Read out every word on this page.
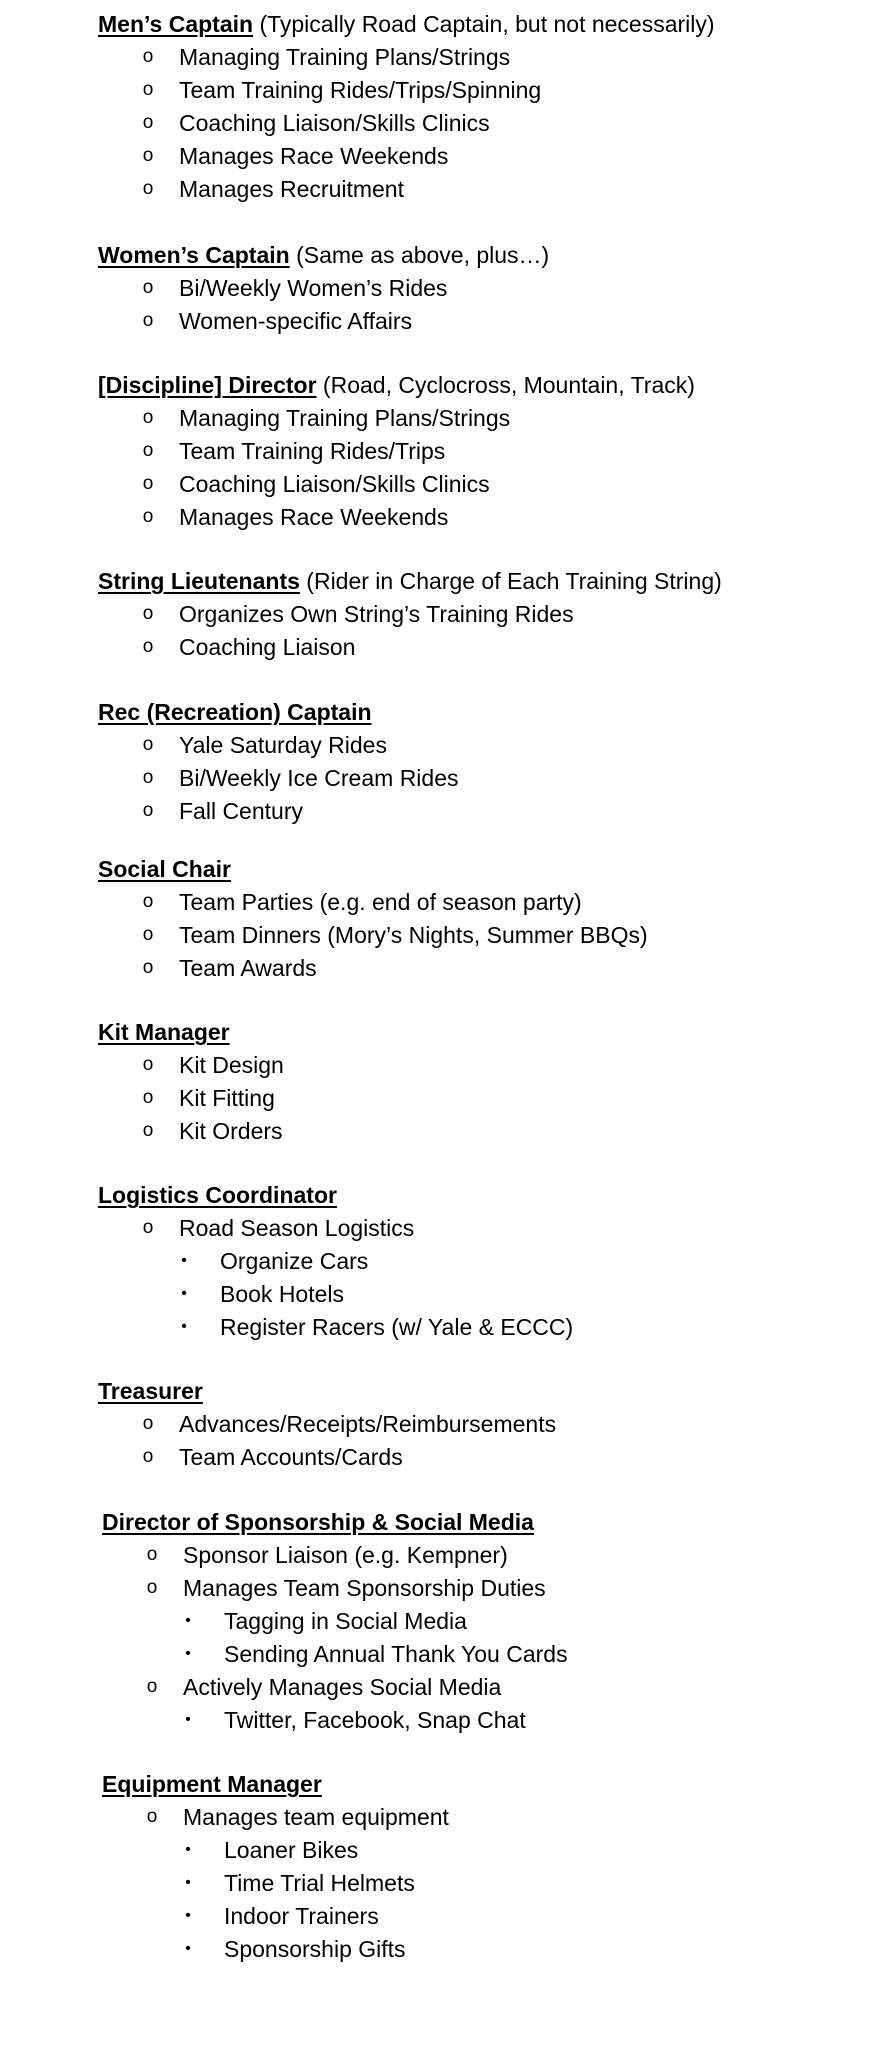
Men’s Captain (Typically Road Captain, but not necessarily)
o Managing Training Plans/Strings
o Team Training Rides/Trips/Spinning
o Coaching Liaison/Skills Clinics
o Manages Race Weekends
o Manages Recruitment
Women’s Captain (Same as above, plus…)
o Bi/Weekly Women’s Rides
o Women-specific Affairs
[Discipline] Director (Road, Cyclocross, Mountain, Track)
o Managing Training Plans/Strings
o Team Training Rides/Trips
o Coaching Liaison/Skills Clinics
o Manages Race Weekends
String Lieutenants (Rider in Charge of Each Training String)
o Organizes Own String’s Training Rides
o Coaching Liaison
Rec (Recreation) Captain
o Yale Saturday Rides
o Bi/Weekly Ice Cream Rides
o Fall Century
Social Chair
o Team Parties (e.g. end of season party)
o Team Dinners (Mory’s Nights, Summer BBQs)
o Team Awards
Kit Manager
o Kit Design
o Kit Fitting
o Kit Orders
Logistics Coordinator
o Road Season Logistics
•	Organize Cars
•	Book Hotels
•	Register Racers (w/ Yale & ECCC)
Treasurer
o Advances/Receipts/Reimbursements
o Team Accounts/Cards
Director of Sponsorship & Social Media
o Sponsor Liaison (e.g. Kempner)
o Manages Team Sponsorship Duties
•	Tagging in Social Media
•	Sending Annual Thank You Cards
o Actively Manages Social Media
•	Twitter, Facebook, Snap Chat
Equipment Manager
o Manages team equipment
•	Loaner Bikes
•	Time Trial Helmets
•	Indoor Trainers
•	Sponsorship Gifts
